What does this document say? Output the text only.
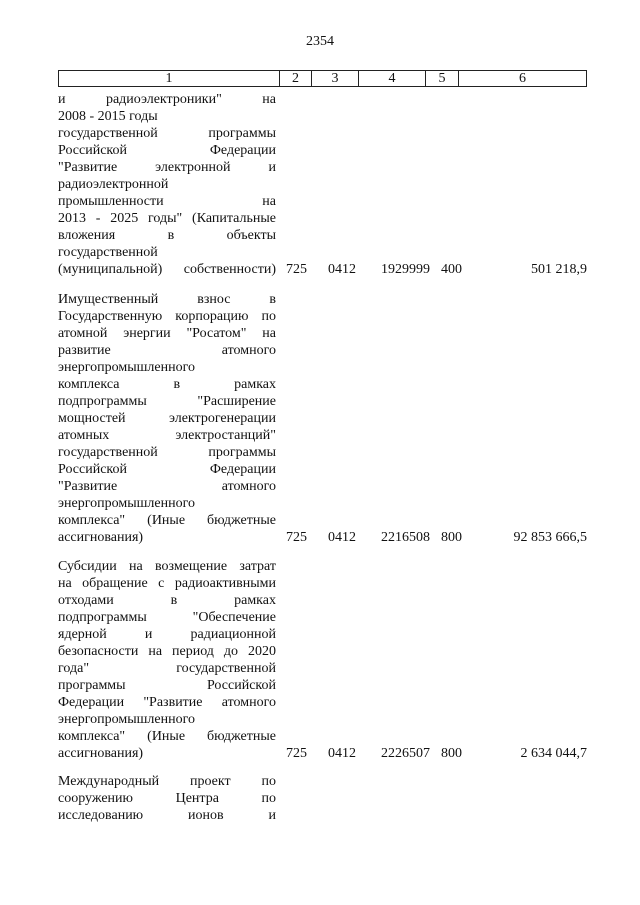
2354
1	2	3	4	5	6
и радиоэлектроники" на
2008 - 2015 годы
государственной программы
Российской Федерации
"Развитие электронной и
радиоэлектронной
промышленности на
2013 - 2025 годы" (Капитальные
вложения в объекты
государственной
(муниципальной) собственности) 725 0412 1929999 400	501 218,9
Имущественный взнос в
Государственную корпорацию по
атомной энергии "Росатом" на
развитие атомного
энергопромышленного
комплекса в рамках
подпрограммы "Расширение
мощностей электрогенерации
атомных электростанций"
государственной программы
Российской Федерации
"Развитие атомного
энергопромышленного
комплекса" (Иные бюджетные
ассигнования)	725 0412 2216508 800	92 853 666,5
Субсидии на возмещение затрат
на обращение с радиоактивными
отходами в рамках
подпрограммы "Обеспечение
ядерной и радиационной
безопасности на период до 2020
года" государственной
программы Российской
Федерации "Развитие атомного
энергопромышленного
комплекса" (Иные бюджетные
ассигнования)	725 0412 2226507 800	2 634 044,7
Международный проект по
сооружению Центра по
исследованию ионов и
